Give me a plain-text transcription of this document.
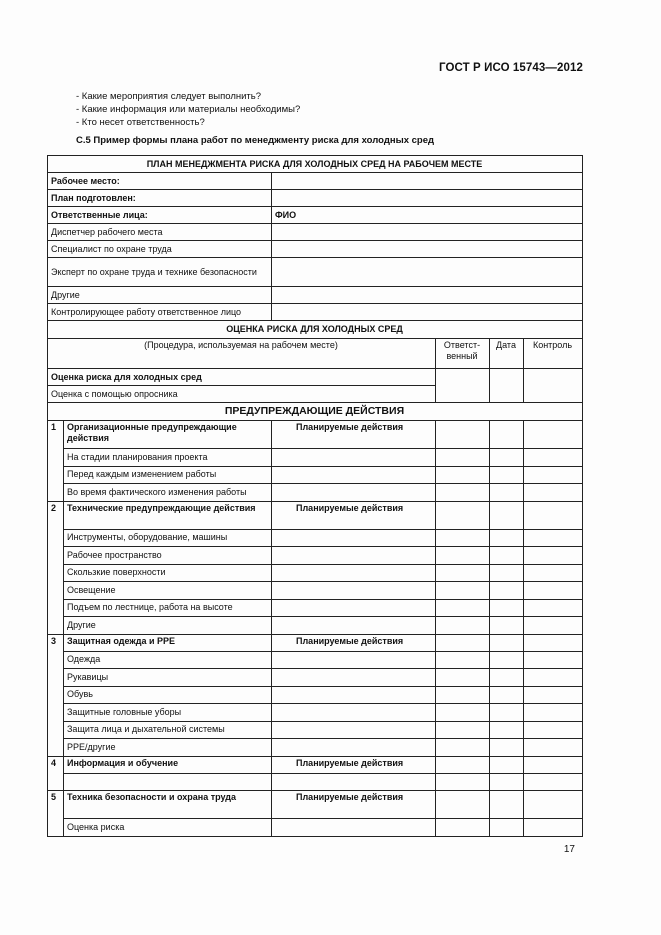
ГОСТ Р ИСО 15743—2012
- Какие мероприятия следует выполнить?
- Какие информация или материалы необходимы?
- Кто несет ответственность?
С.5 Пример формы плана работ по менеджменту риска для холодных сред
ПЛАН МЕНЕДЖМЕНТА РИСКА ДЛЯ ХОЛОДНЫХ СРЕД НА РАБОЧЕМ МЕСТЕ					
Рабочее место:					
План подготовлен:					
Ответственные лица:		ФИО			
Диспетчер рабочего места					
Специалист по охране труда					
Эксперт по охране труда и технике безопасности					
Другие					
Контролирующее работу ответственное лицо					
ОЦЕНКА РИСКА ДЛЯ ХОЛОДНЫХ СРЕД					
(Процедура, используемая на рабочем месте)			Ответст-венный	Дата	Контроль
Оценка риска для холодных сред					
Оценка с помощью опросника					
ПРЕДУПРЕЖДАЮЩИЕ ДЕЙСТВИЯ					
1	Организационные предупреждающие действия	Планируемые действия			
	На стадии планирования проекта				
	Перед каждым изменением работы				
	Во время фактического изменения работы				
2	Технические предупреждающие действия	Планируемые действия			
	Инструменты, оборудование, машины				
	Рабочее пространство				
	Скользкие поверхности				
	Освещение				
	Подъем по лестнице, работа на высоте				
	Другие				
3	Защитная одежда и PPE	Планируемые действия			
	Одежда				
	Рукавицы				
	Обувь				
	Защитные головные уборы				
	Защита лица и дыхательной системы				
	PPE/другие				
4	Информация и обучение	Планируемые действия			

5	Техника безопасности и охрана труда	Планируемые действия			
	Оценка риска				
17
